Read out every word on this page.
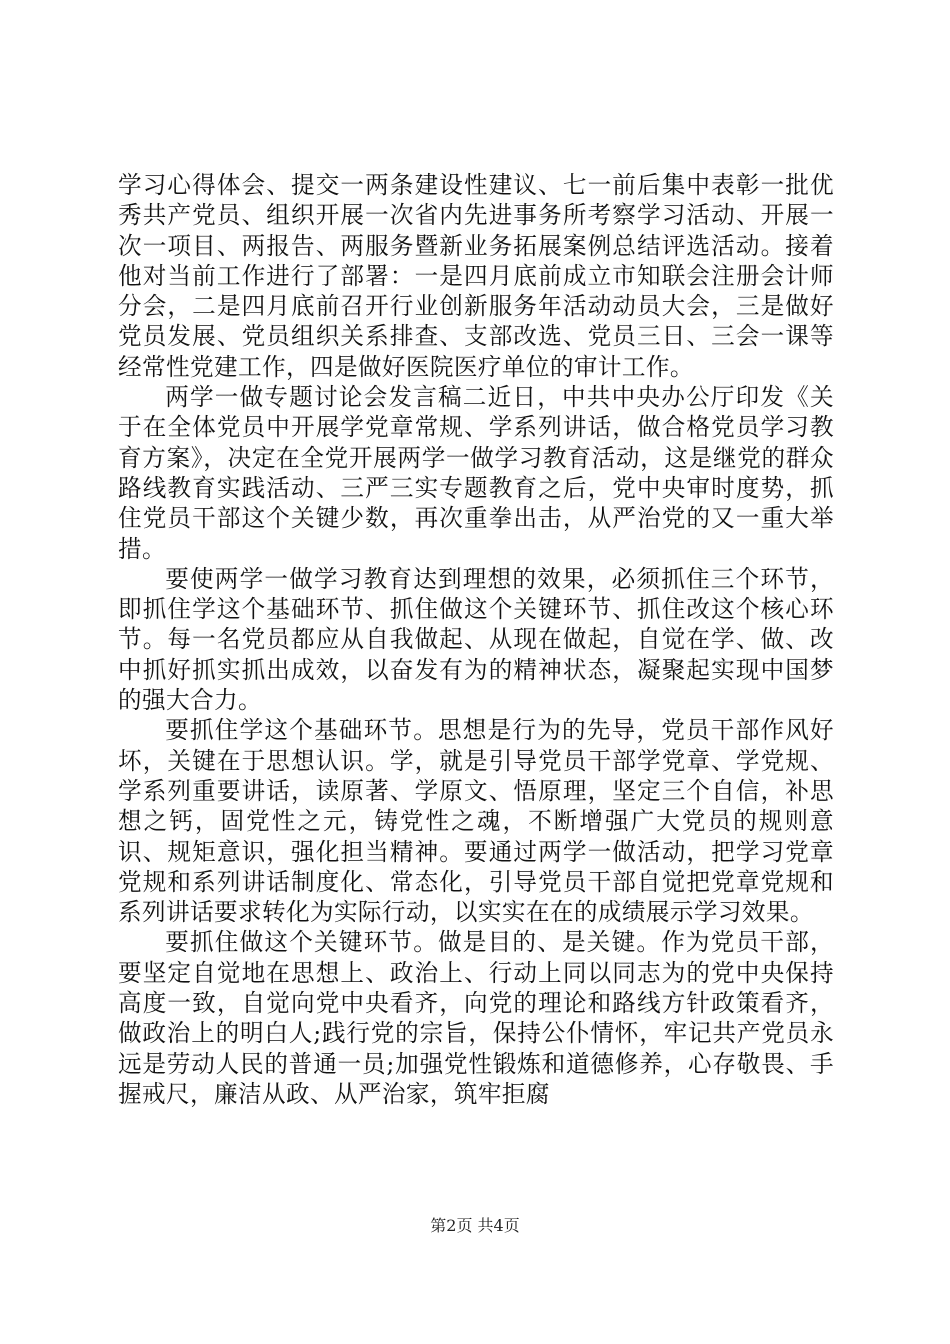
学习心得体会、提交一两条建设性建议、七一前后集中表彰一批优秀共产党员、组织开展一次省内先进事务所考察学习活动、开展一次一项目、两报告、两服务暨新业务拓展案例总结评选活动。接着他对当前工作进行了部署：一是四月底前成立市知联会注册会计师分会，二是四月底前召开行业创新服务年活动动员大会，三是做好党员发展、党员组织关系排查、支部改选、党员三日、三会一课等经常性党建工作，四是做好医院医疗单位的审计工作。

两学一做专题讨论会发言稿二近日，中共中央办公厅印发《关于在全体党员中开展学党章常规、学系列讲话，做合格党员学习教育方案》，决定在全党开展两学一做学习教育活动，这是继党的群众路线教育实践活动、三严三实专题教育之后，党中央审时度势，抓住党员干部这个关键少数，再次重拳出击，从严治党的又一重大举措。

要使两学一做学习教育达到理想的效果，必须抓住三个环节，即抓住学这个基础环节、抓住做这个关键环节、抓住改这个核心环节。每一名党员都应从自我做起、从现在做起，自觉在学、做、改中抓好抓实抓出成效，以奋发有为的精神状态，凝聚起实现中国梦的强大合力。

要抓住学这个基础环节。思想是行为的先导，党员干部作风好坏，关键在于思想认识。学，就是引导党员干部学党章、学党规、学系列重要讲话，读原著、学原文、悟原理，坚定三个自信，补思想之钙，固党性之元，铸党性之魂，不断增强广大党员的规则意识、规矩意识，强化担当精神。要通过两学一做活动，把学习党章党规和系列讲话制度化、常态化，引导党员干部自觉把党章党规和系列讲话要求转化为实际行动，以实实在在的成绩展示学习效果。

要抓住做这个关键环节。做是目的、是关键。作为党员干部，要坚定自觉地在思想上、政治上、行动上同以同志为的党中央保持高度一致，自觉向党中央看齐，向党的理论和路线方针政策看齐，做政治上的明白人;践行党的宗旨，保持公仆情怀，牢记共产党员永远是劳动人民的普通一员;加强党性锻炼和道德修养，心存敬畏、手握戒尺，廉洁从政、从严治家，筑牢拒腐

第2页 共4页
